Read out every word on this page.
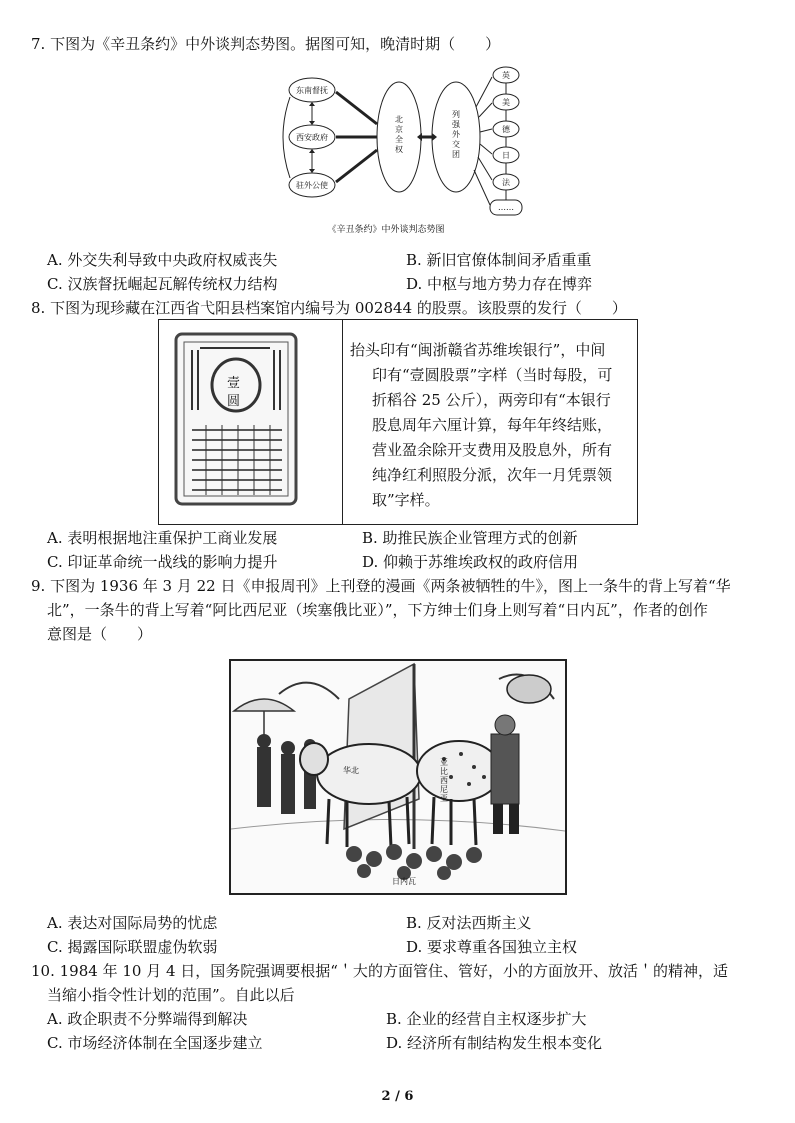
7. 下图为《辛丑条约》中外谈判态势图。据图可知，晚清时期（　　）
东南督抚
西安政府
驻外公使
北京全权
列强外交团
英
美
德
日
法
……
《辛丑条约》中外谈判态势图
A. 外交失利导致中央政府权威丧失	B. 新旧官僚体制间矛盾重重
C. 汉族督抚崛起瓦解传统权力结构	D. 中枢与地方势力存在博弈
8. 下图为现珍藏在江西省弋阳县档案馆内编号为 002844 的股票。该股票的发行（　　）
壹
圆

抬头印有“闽浙赣省苏维埃银行”，中间

印有“壹圆股票”字样（当时每股，可

折稻谷 25 公斤），两旁印有“本银行

股息周年六厘计算，每年年终结账，

营业盈余除开支费用及股息外，所有

纯净红利照股分派，次年一月凭票领

取”字样。

A. 表明根据地注重保护工商业发展	B. 助推民族企业管理方式的创新
C. 印证革命统一战线的影响力提升	D. 仰赖于苏维埃政权的政府信用
9. 下图为 1936 年 3 月 22 日《申报周刊》上刊登的漫画《两条被牺牲的牛》，图上一条牛的背上写着“华
北”，一条牛的背上写着“阿比西尼亚（埃塞俄比亚）”，下方绅士们身上则写着“日内瓦”，作者的创作
意图是（　　）
华北
亚比西尼亚
日内瓦
A. 表达对国际局势的忧虑	B. 反对法西斯主义
C. 揭露国际联盟虚伪软弱	D. 要求尊重各国独立主权
10. 1984 年 10 月 4 日，国务院强调要根据“＇大的方面管住、管好，小的方面放开、放活＇的精神，适
当缩小指令性计划的范围”。自此以后
A. 政企职责不分弊端得到解决	B. 企业的经营自主权逐步扩大
C. 市场经济体制在全国逐步建立	D. 经济所有制结构发生根本变化
2 / 6
